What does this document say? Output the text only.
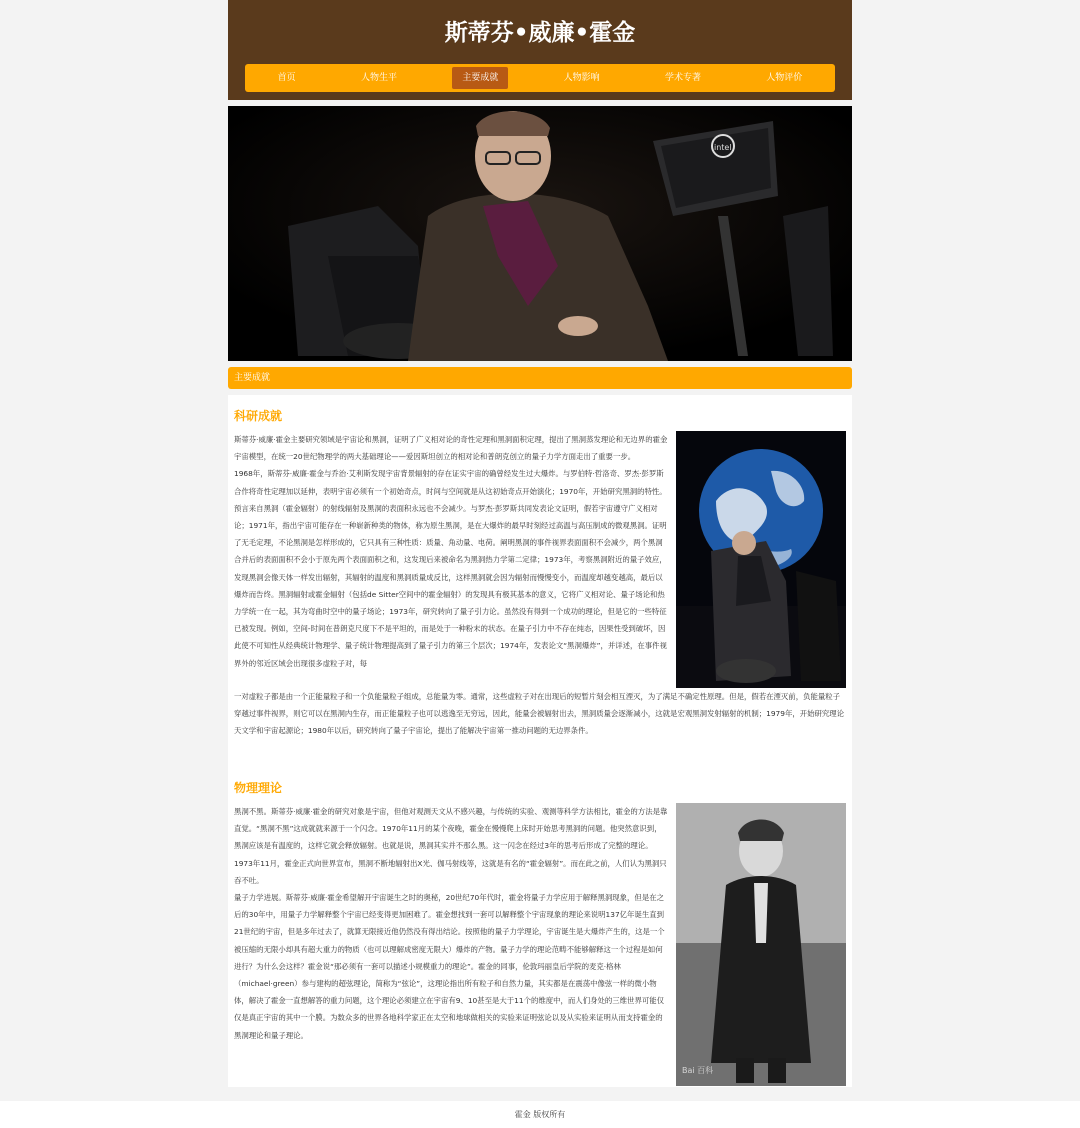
斯蒂芬•威廉•霍金
首页	人物生平	主要成就	人物影响	学术专著	人物评价
intel
主要成就
科研成就

斯蒂芬·威廉·霍金主要研究领域是宇宙论和黑洞，证明了广义相对论的奇性定理和黑洞面积定理，提出了黑洞蒸发理论和无边界的霍金宇宙模型，在统一20世纪物理学的两大基础理论——爱因斯坦创立的相对论和普朗克创立的量子力学方面走出了重要一步。

1968年，斯蒂芬·威廉·霍金与乔治·艾利斯发现宇宙背景辐射的存在证实宇宙的确曾经发生过大爆炸。与罗伯特·哲洛奇、罗杰·彭罗斯合作将奇性定理加以延伸，表明宇宙必须有一个初始奇点，时间与空间就是从这初始奇点开始演化；1970年，开始研究黑洞的特性。预言来自黑洞（霍金辐射）的射线辐射及黑洞的表面积永远也不会减少。与罗杰·彭罗斯共同发表论文证明，假若宇宙遵守广义相对论；1971年，指出宇宙可能存在一种崭新种类的物体，称为原生黑洞，是在大爆炸的最早时刻经过高温与高压制成的微观黑洞。证明了无毛定理，不论黑洞是怎样形成的，它只具有三种性质：质量、角动量、电荷。阐明黑洞的事件视界表面面积不会减少，两个黑洞合并后的表面面积不会小于原先两个表面面积之和，这发现后来被命名为黑洞热力学第二定律；1973年，考察黑洞附近的量子效应，发现黑洞会像天体一样发出辐射，其辐射的温度和黑洞质量成反比，这样黑洞就会因为辐射而慢慢变小，而温度却越变越高，最后以爆炸而告终。黑洞辐射或霍金辐射（包括de Sitter空间中的霍金辐射）的发现具有极其基本的意义，它将广义相对论、量子场论和热力学统一在一起，其为弯曲时空中的量子场论；1973年，研究转向了量子引力论。虽然没有得到一个成功的理论，但是它的一些特征已被发现。例如，空间-时间在普朗克尺度下不是平坦的，而是处于一种粉末的状态。在量子引力中不存在纯态，因果性受到破坏，因此使不可知性从经典统计物理学、量子统计物理提高到了量子引力的第三个层次；1974年，发表论文“黑洞爆炸”，并详述，在事件视界外的邻近区域会出现很多虚粒子对，每

一对虚粒子都是由一个正能量粒子和一个负能量粒子组成，总能量为零。通常，这些虚粒子对在出现后的短暂片刻会相互湮灭，为了满足不确定性原理。但是，假若在湮灭前，负能量粒子穿越过事件视界，则它可以在黑洞内生存，而正能量粒子也可以逃逸至无穷远，因此，能量会被辐射出去，黑洞质量会逐渐减小，这就是宏观黑洞发射辐射的机制；1979年，开始研究理论天文学和宇宙起源论；1980年以后，研究转向了量子宇宙论，提出了能解决宇宙第一推动问题的无边界条件。

物理理论

黑洞不黑。斯蒂芬·威廉·霍金的研究对象是宇宙，但他对观测天文从不感兴趣，与传统的实验、观测等科学方法相比，霍金的方法是靠直觉。“黑洞不黑”这成就就来源于一个闪念。1970年11月的某个夜晚，霍金在慢慢爬上床时开始思考黑洞的问题。他突然意识到，黑洞应该是有温度的，这样它就会释放辐射。也就是说，黑洞其实并不那么黑。这一闪念在经过3年的思考后形成了完整的理论。1973年11月，霍金正式向世界宣布，黑洞不断地辐射出X光、伽马射线等，这就是有名的“霍金辐射”。而在此之前，人们认为黑洞只吞不吐。

量子力学进展。斯蒂芬·威廉·霍金希望解开宇宙诞生之时的奥秘，20世纪70年代时，霍金将量子力学应用于解释黑洞现象，但是在之后的30年中，用量子力学解释整个宇宙已经变得更加困难了。霍金想找到一套可以解释整个宇宙现象的理论来说明137亿年诞生直到21世纪的宇宙，但是多年过去了，就算无限接近他仍然没有得出结论。按照他的量子力学理论，宇宙诞生是大爆炸产生的，这是一个被压缩的无限小却具有超大重力的物质（也可以理解成密度无限大）爆炸的产物。量子力学的理论范畴不能够解释这一个过程是如何进行？为什么会这样？霍金说“那必须有一套可以描述小规模重力的理论”。霍金的同事，伦敦玛丽皇后学院的麦克·格林（michael·green）参与建构的超弦理论，简称为“弦论”，这理论指出所有粒子和自然力量，其实都是在震荡中像弦一样的微小物体，解决了霍金一直想解答的重力问题，这个理论必须建立在宇宙有9、10甚至是大于11个的维度中，而人们身处的三维世界可能仅仅是真正宇宙的其中一个膜。为数众多的世界各地科学家正在太空和地球做相关的实验来证明弦论以及从实验来证明从而支持霍金的黑洞理论和量子理论。

Bai 百科
霍金 版权所有
